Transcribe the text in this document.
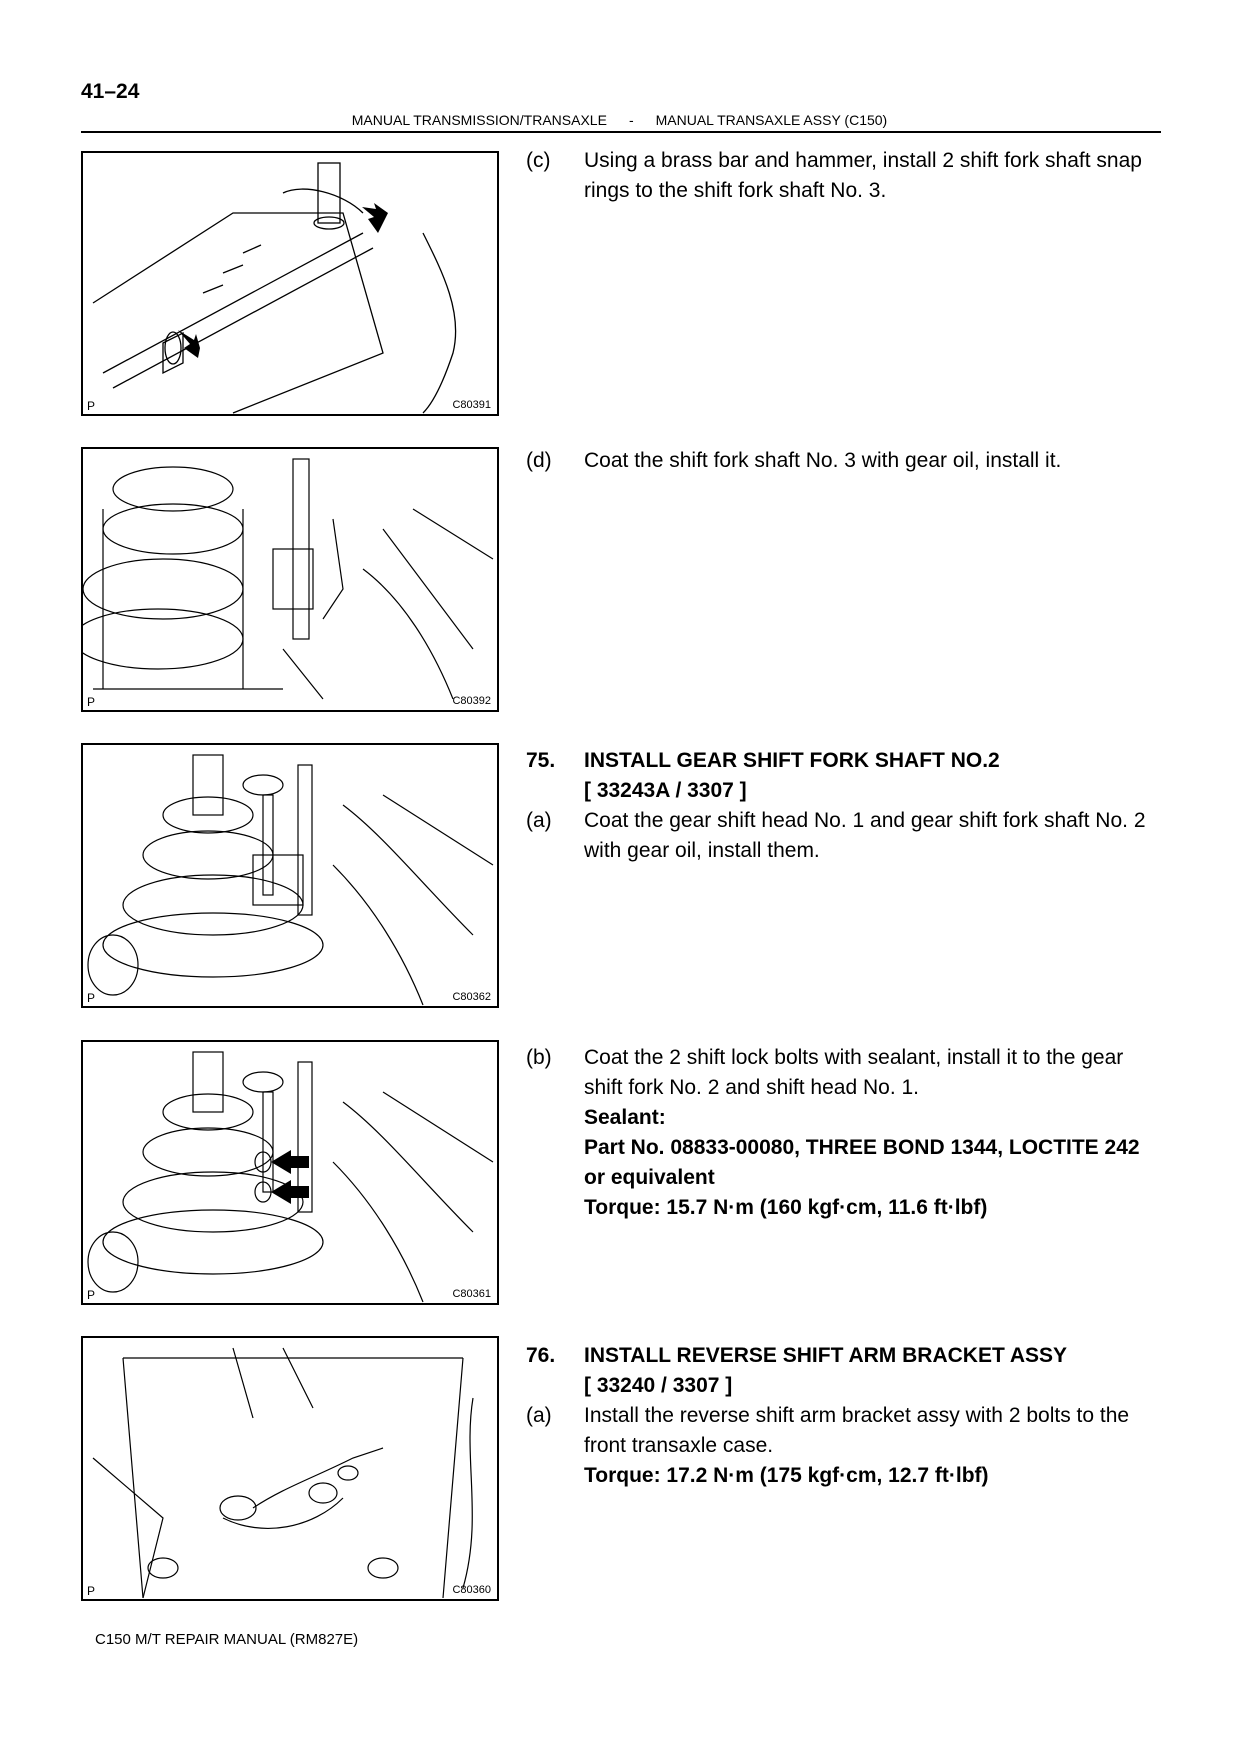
41–24
MANUAL TRANSMISSION/TRANSAXLE - MANUAL TRANSAXLE ASSY (C150)
P	C80391
P	C80392
P	C80362
P	C80361
P	C80360
(c) Using a brass bar and hammer, install 2 shift fork shaft snap rings to the shift fork shaft No. 3.
(d) Coat the shift fork shaft No. 3 with gear oil, install it.
75. INSTALL GEAR SHIFT FORK SHAFT NO.2
[ 33243A / 3307 ]
(a) Coat the gear shift head No. 1 and gear shift fork shaft No. 2 with gear oil, install them.
(b) Coat the 2 shift lock bolts with sealant, install it to the gear shift fork No. 2 and shift head No. 1.
Sealant:
Part No. 08833-00080, THREE BOND 1344, LOCTITE 242 or equivalent
Torque: 15.7 N·m (160 kgf·cm, 11.6 ft·lbf)
76. INSTALL REVERSE SHIFT ARM BRACKET ASSY
[ 33240 / 3307 ]
(a) Install the reverse shift arm bracket assy with 2 bolts to the front transaxle case.
Torque: 17.2 N·m (175 kgf·cm, 12.7 ft·lbf)
C150 M/T REPAIR MANUAL (RM827E)
